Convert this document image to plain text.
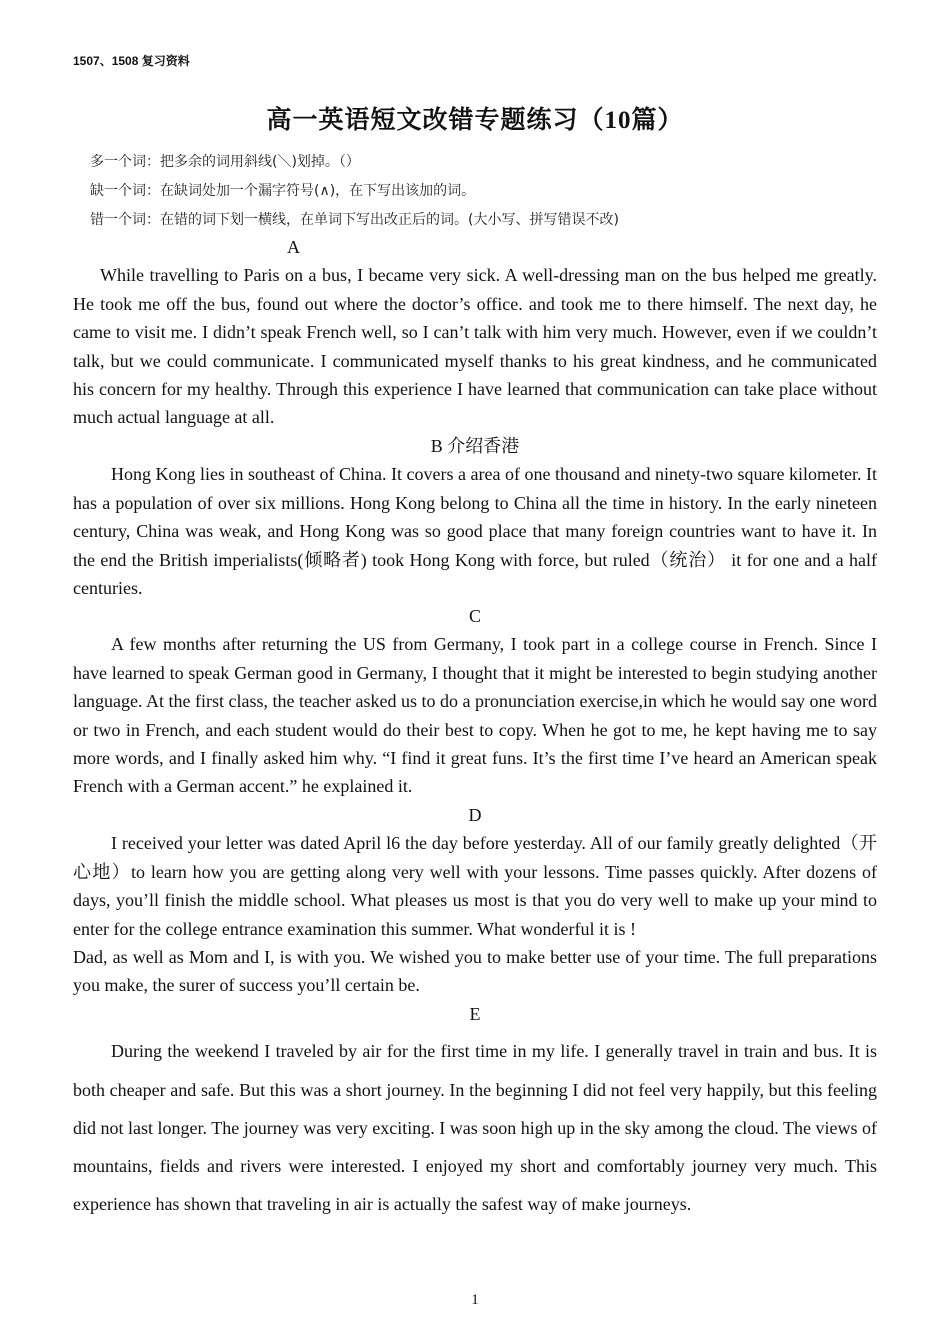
1507、1508 复习资料
高一英语短文改错专题练习（10篇）
多一个词：把多余的词用斜线(＼)划掉。（）
缺一个词：在缺词处加一个漏字符号(∧)，在下写出该加的词。
错一个词：在错的词下划一横线，在单词下写出改正后的词。(大小写、拼写错误不改)
A

While travelling to Paris on a bus, I became very sick. A well-dressing man on the bus helped me greatly. He took me off the bus, found out where the doctor’s office. and took me to there himself. The next day, he came to visit me. I didn’t speak French well, so I can’t talk with him very much. However, even if we couldn’t talk, but we could communicate. I communicated myself thanks to his great kindness, and he communicated his concern for my healthy. Through this experience I have learned that communication can take place without much actual language at all.

B 介绍香港

Hong Kong lies in southeast of China. It covers a area of one thousand and ninety-two square kilometer. It has a population of over six millions. Hong Kong belong to China all the time in history. In the early nineteen century, China was weak, and Hong Kong was so good place that many foreign countries want to have it. In the end the British imperialists(倾略者) took Hong Kong with force, but ruled（统治） it for one and a half centuries.

C

A few months after returning the US from Germany, I took part in a college course in French. Since I have learned to speak German good in Germany, I thought that it might be interested to begin studying another language. At the first class, the teacher asked us to do a pronunciation exercise,in which he would say one word or two in French, and each student would do their best to copy. When he got to me, he kept having me to say more words, and I finally asked him why. “I find it great funs. It’s the first time I’ve heard an American speak French with a German accent.” he explained it.

D

I received your letter was dated April l6 the day before yesterday. All of our family greatly delighted（开心地）to learn how you are getting along very well with your lessons. Time passes quickly. After dozens of days, you’ll finish the middle school. What pleases us most is that you do very well to make up your mind to enter for the college entrance examination this summer. What wonderful it is !

Dad, as well as Mom and I, is with you. We wished you to make better use of your time. The full preparations you make, the surer of success you’ll certain be.

E

During the weekend I traveled by air for the first time in my life. I generally travel in train and bus. It is both cheaper and safe. But this was a short journey. In the beginning I did not feel very happily, but this feeling did not last longer. The journey was very exciting. I was soon high up in the sky among the cloud. The views of mountains, fields and rivers were interested. I enjoyed my short and comfortably journey very much. This experience has shown that traveling in air is actually the safest way of make journeys.

1
